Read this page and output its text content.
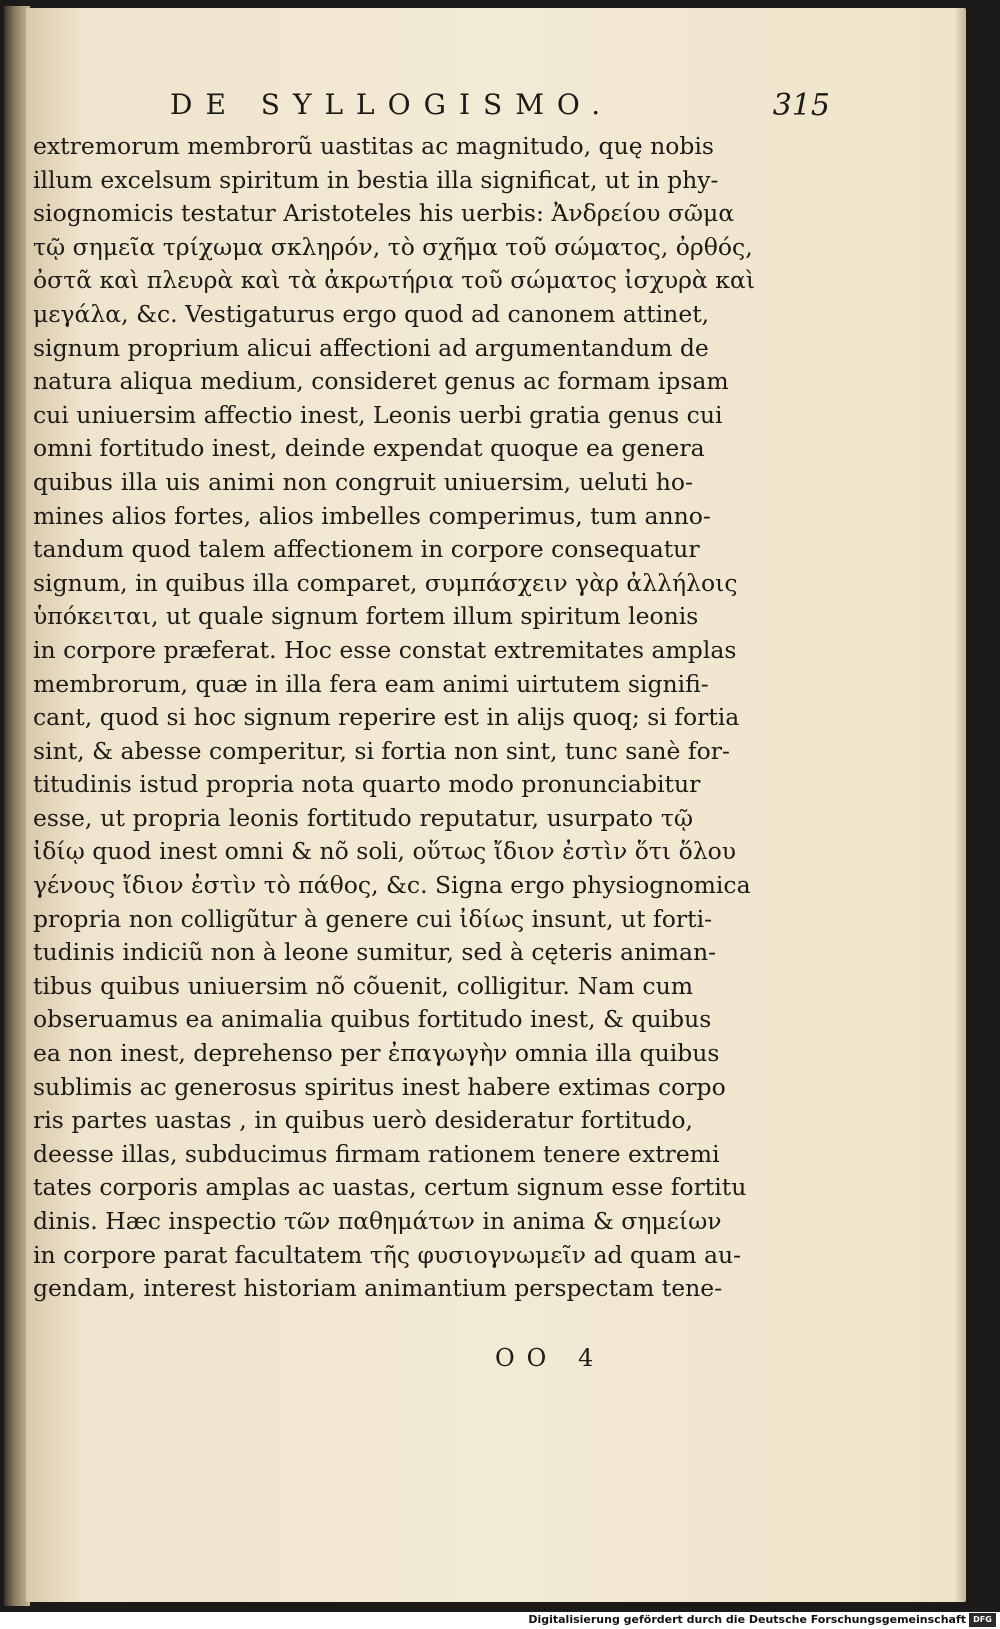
DE SYLLOGISMO.	315
extremorum membrorũ uastitas ac magnitudo, quę nobis
illum excelsum spiritum in bestia illa significat, ut in phy-
siognomicis testatur Aristoteles his uerbis: Ἀνδρείου σῶμα
τῷ σημεῖα τρίχωμα σκληρόν, τὸ σχῆμα τοῦ σώματος, ὀρθός,
ὀστᾶ καὶ πλευρὰ καὶ τὰ ἀκρωτήρια τοῦ σώματος ἰσχυρὰ καὶ
μεγάλα, &c. Vestigaturus ergo quod ad canonem attinet,
signum proprium alicui affectioni ad argumentandum de
natura aliqua medium, consideret genus ac formam ipsam
cui uniuersim affectio inest, Leonis uerbi gratia genus cui
omni fortitudo inest, deinde expendat quoque ea genera
quibus illa uis animi non congruit uniuersim, ueluti ho-
mines alios fortes, alios imbelles comperimus, tum anno-
tandum quod talem affectionem in corpore consequatur
signum, in quibus illa comparet, συμπάσχειν γὰρ ἀλλήλοις
ὑπόκειται, ut quale signum fortem illum spiritum leonis
in corpore præferat. Hoc esse constat extremitates amplas
membrorum, quæ in illa fera eam animi uirtutem signifi-
cant, quod si hoc signum reperire est in alijs quoq; si fortia
sint, & abesse comperitur, si fortia non sint, tunc sanè for-
titudinis istud propria nota quarto modo pronunciabitur
esse, ut propria leonis fortitudo reputatur, usurpato τῷ
ἰδίῳ quod inest omni & nõ soli, οὕτως ἴδιον ἐστὶν ὅτι ὅλου
γένους ἴδιον ἐστὶν τὸ πάθος, &c. Signa ergo physiognomica
propria non colligũtur à genere cui ἰδίως insunt, ut forti-
tudinis indiciũ non à leone sumitur, sed à cęteris animan-
tibus quibus uniuersim nõ cõuenit, colligitur. Nam cum
obseruamus ea animalia quibus fortitudo inest, & quibus
ea non inest, deprehenso per ἐπαγωγὴν omnia illa quibus
sublimis ac generosus spiritus inest habere extimas corpo
ris partes uastas , in quibus uerò desideratur fortitudo,
deesse illas, subducimus firmam rationem tenere extremi
tates corporis amplas ac uastas, certum signum esse fortitu
dinis. Hæc inspectio τῶν παθημάτων in anima & σημείων
in corpore parat facultatem τῆς φυσιογνωμεῖν ad quam au-
gendam, interest historiam animantium perspectam tene-
OO 4
Digitalisierung gefördert durch die Deutsche Forschungsgemeinschaft DFG
